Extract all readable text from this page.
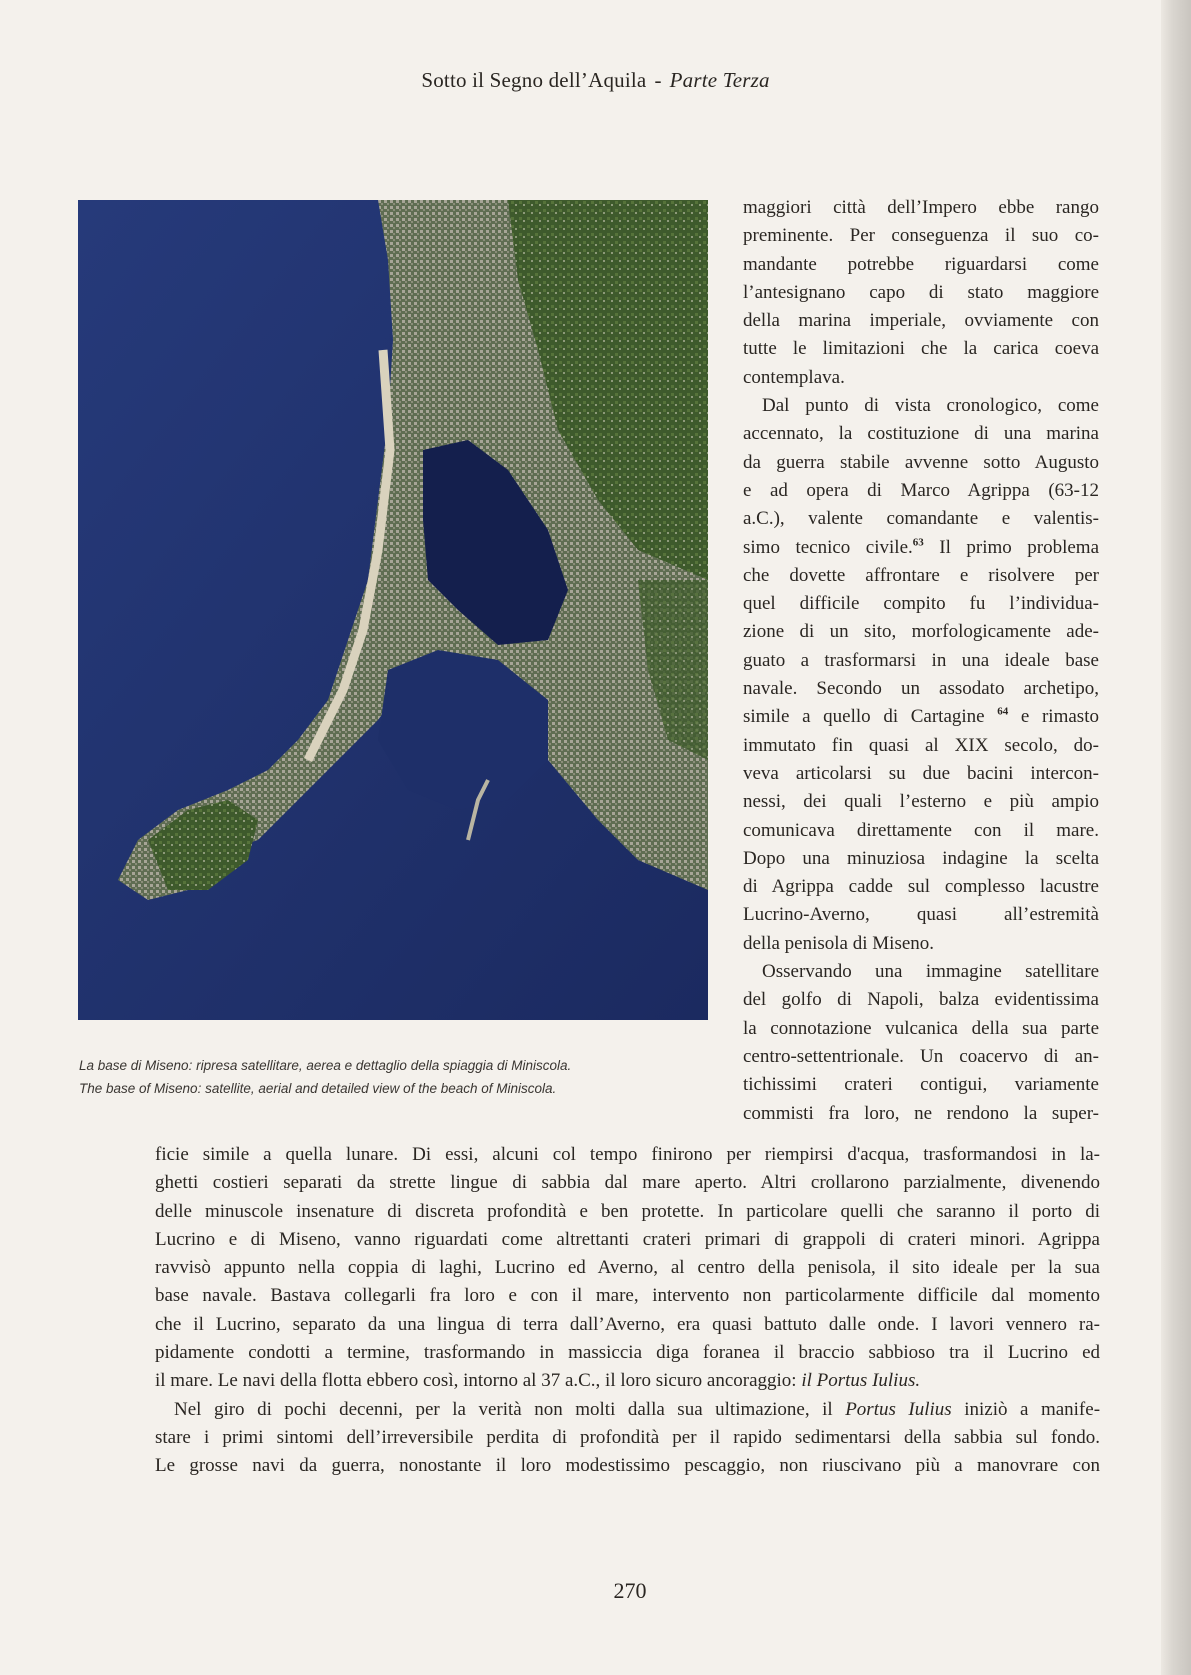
Sotto il Segno dell’Aquila - Parte Terza
La base di Miseno: ripresa satellitare, aerea e dettaglio della spiaggia di Miniscola.
The base of Miseno: satellite, aerial and detailed view of the beach of Miniscola.

maggiori città dell’Impero ebbe rango
preminente. Per conseguenza il suo co-
mandante potrebbe riguardarsi come
l’antesignano capo di stato maggiore
della marina imperiale, ovviamente con
tutte le limitazioni che la carica coeva
contemplava.

Dal punto di vista cronologico, come
accennato, la costituzione di una marina
da guerra stabile avvenne sotto Augusto
e ad opera di Marco Agrippa (63-12
a.C.), valente comandante e valentis-
simo tecnico civile.$^{63}$ Il primo problema
che dovette affrontare e risolvere per
quel difficile compito fu l’individua-
zione di un sito, morfologicamente ade-
guato a trasformarsi in una ideale base
navale. Secondo un assodato archetipo,
simile a quello di Cartagine $^{64}$ e rimasto
immutato fin quasi al XIX secolo, do-
veva articolarsi su due bacini intercon-
nessi, dei quali l’esterno e più ampio
comunicava direttamente con il mare.
Dopo una minuziosa indagine la scelta
di Agrippa cadde sul complesso lacustre
Lucrino-Averno, quasi all’estremità
della penisola di Miseno.

Osservando una immagine satellitare
del golfo di Napoli, balza evidentissima
la connotazione vulcanica della sua parte
centro-settentrionale. Un coacervo di an-
tichissimi crateri contigui, variamente
commisti fra loro, ne rendono la super-

ficie simile a quella lunare. Di essi, alcuni col tempo finirono per riempirsi d'acqua, trasformandosi in la-
ghetti costieri separati da strette lingue di sabbia dal mare aperto. Altri crollarono parzialmente, divenendo
delle minuscole insenature di discreta profondità e ben protette. In particolare quelli che saranno il porto di
Lucrino e di Miseno, vanno riguardati come altrettanti crateri primari di grappoli di crateri minori. Agrippa
ravvisò appunto nella coppia di laghi, Lucrino ed Averno, al centro della penisola, il sito ideale per la sua
base navale. Bastava collegarli fra loro e con il mare, intervento non particolarmente difficile dal momento
che il Lucrino, separato da una lingua di terra dall’Averno, era quasi battuto dalle onde. I lavori vennero ra-
pidamente condotti a termine, trasformando in massiccia diga foranea il braccio sabbioso tra il Lucrino ed
il mare. Le navi della flotta ebbero così, intorno al 37 a.C., il loro sicuro ancoraggio: il Portus Iulius.
Nel giro di pochi decenni, per la verità non molti dalla sua ultimazione, il Portus Iulius iniziò a manife-
stare i primi sintomi dell’irreversibile perdita di profondità per il rapido sedimentarsi della sabbia sul fondo.
Le grosse navi da guerra, nonostante il loro modestissimo pescaggio, non riuscivano più a manovrare con
270
